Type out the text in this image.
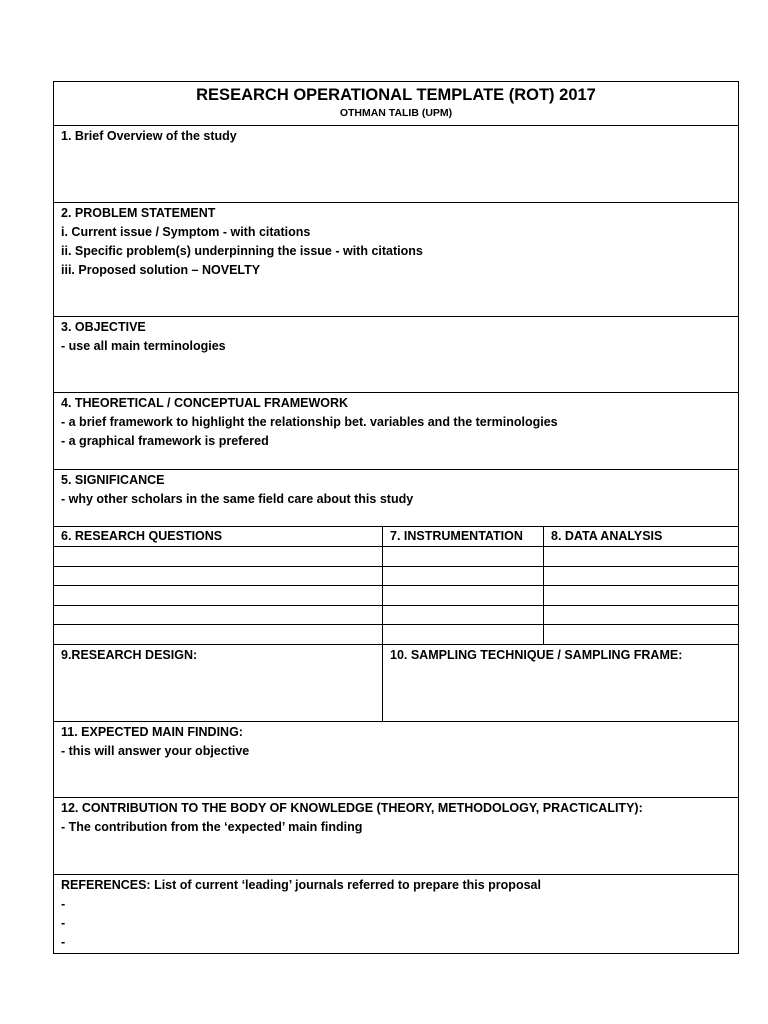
RESEARCH OPERATIONAL TEMPLATE (ROT) 2017
OTHMAN TALIB (UPM)		

1. Brief Overview of the study		

2. PROBLEM STATEMENT
i. Current issue / Symptom - with citations
ii. Specific problem(s) underpinning the issue - with citations
iii. Proposed solution – NOVELTY		

3. OBJECTIVE
- use all main terminologies		

4. THEORETICAL / CONCEPTUAL FRAMEWORK
- a brief framework to highlight the relationship bet. variables and the terminologies
- a graphical framework is prefered		

5. SIGNIFICANCE
- why other scholars in the same field care about this study		

6. RESEARCH QUESTIONS	7. INSTRUMENTATION	8. DATA ANALYSIS

9.RESEARCH DESIGN:	10. SAMPLING TECHNIQUE / SAMPLING FRAME:	

11. EXPECTED MAIN FINDING:
- this will answer your objective		

12. CONTRIBUTION TO THE BODY OF KNOWLEDGE (THEORY, METHODOLOGY, PRACTICALITY):
- The contribution from the ‘expected’ main finding		

REFERENCES: List of current ‘leading’ journals referred to prepare this proposal
-
-
-		
